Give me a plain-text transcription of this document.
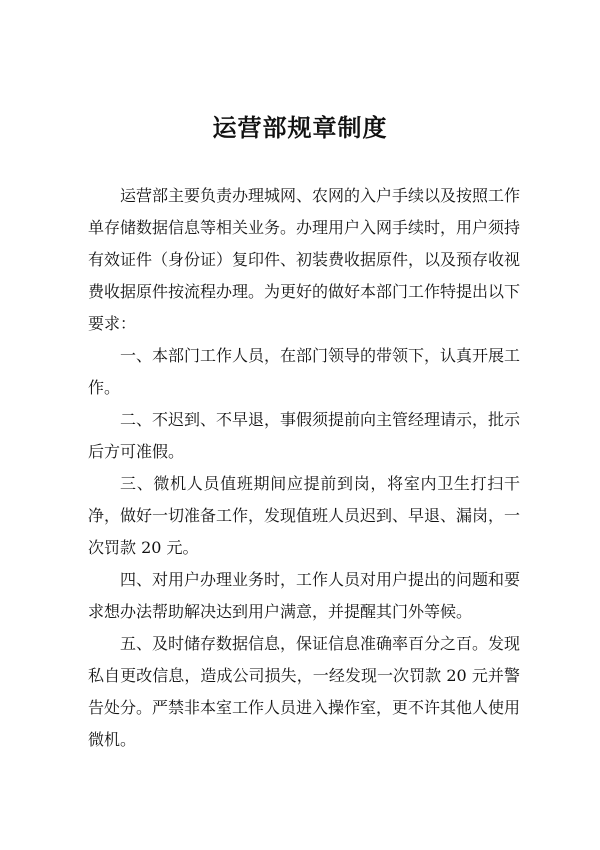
运营部规章制度

运营部主要负责办理城网、农网的入户手续以及按照工作单存储数据信息等相关业务。办理用户入网手续时，用户须持有效证件（身份证）复印件、初装费收据原件，以及预存收视费收据原件按流程办理。为更好的做好本部门工作特提出以下要求：

一、本部门工作人员，在部门领导的带领下，认真开展工作。

二、不迟到、不早退，事假须提前向主管经理请示，批示后方可准假。

三、微机人员值班期间应提前到岗，将室内卫生打扫干净，做好一切准备工作，发现值班人员迟到、早退、漏岗，一次罚款 20 元。

四、对用户办理业务时，工作人员对用户提出的问题和要求想办法帮助解决达到用户满意，并提醒其门外等候。

五、及时储存数据信息，保证信息准确率百分之百。发现私自更改信息，造成公司损失，一经发现一次罚款 20 元并警告处分。严禁非本室工作人员进入操作室，更不许其他人使用微机。
